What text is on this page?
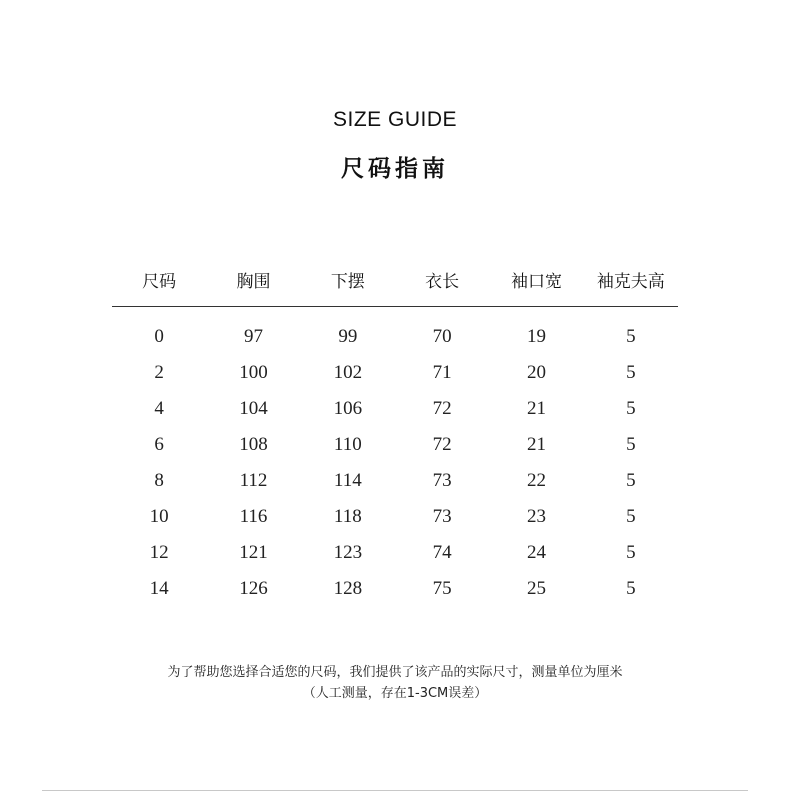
SIZE GUIDE
尺码指南
尺码	胸围	下摆	衣长	袖口宽	袖克夫高
0	97	99	70	19	5
2	100	102	71	20	5
4	104	106	72	21	5
6	108	110	72	21	5
8	112	114	73	22	5
10	116	118	73	23	5
12	121	123	74	24	5
14	126	128	75	25	5
为了帮助您选择合适您的尺码，我们提供了该产品的实际尺寸，测量单位为厘米
（人工测量，存在1-3CM误差）
